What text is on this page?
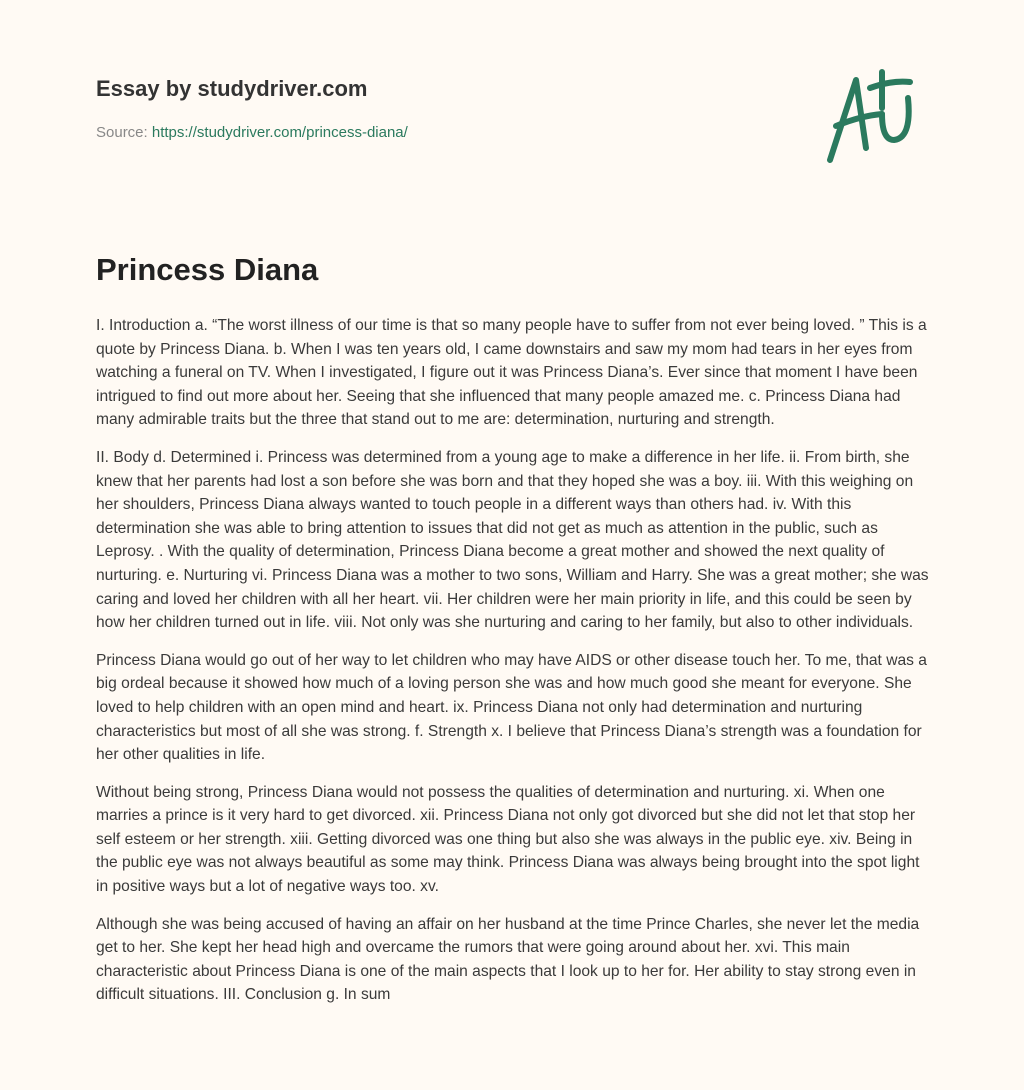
Essay by studydriver.com
Source: https://studydriver.com/princess-diana/
Princess Diana

I. Introduction a. “The worst illness of our time is that so many people have to suffer from not ever being loved. ” This is a quote by Princess Diana. b. When I was ten years old, I came downstairs and saw my mom had tears in her eyes from watching a funeral on TV. When I investigated, I figure out it was Princess Diana’s. Ever since that moment I have been intrigued to find out more about her. Seeing that she influenced that many people amazed me. c. Princess Diana had many admirable traits but the three that stand out to me are: determination, nurturing and strength.

II. Body d. Determined i. Princess was determined from a young age to make a difference in her life. ii. From birth, she knew that her parents had lost a son before she was born and that they hoped she was a boy. iii. With this weighing on her shoulders, Princess Diana always wanted to touch people in a different ways than others had. iv. With this determination she was able to bring attention to issues that did not get as much as attention in the public, such as Leprosy. . With the quality of determination, Princess Diana become a great mother and showed the next quality of nurturing. e. Nurturing vi. Princess Diana was a mother to two sons, William and Harry. She was a great mother; she was caring and loved her children with all her heart. vii. Her children were her main priority in life, and this could be seen by how her children turned out in life. viii. Not only was she nurturing and caring to her family, but also to other individuals.

Princess Diana would go out of her way to let children who may have AIDS or other disease touch her. To me, that was a big ordeal because it showed how much of a loving person she was and how much good she meant for everyone. She loved to help children with an open mind and heart. ix. Princess Diana not only had determination and nurturing characteristics but most of all she was strong. f. Strength x. I believe that Princess Diana’s strength was a foundation for her other qualities in life.

Without being strong, Princess Diana would not possess the qualities of determination and nurturing. xi. When one marries a prince is it very hard to get divorced. xii. Princess Diana not only got divorced but she did not let that stop her self esteem or her strength. xiii. Getting divorced was one thing but also she was always in the public eye. xiv. Being in the public eye was not always beautiful as some may think. Princess Diana was always being brought into the spot light in positive ways but a lot of negative ways too. xv.

Although she was being accused of having an affair on her husband at the time Prince Charles, she never let the media get to her. She kept her head high and overcame the rumors that were going around about her. xvi. This main characteristic about Princess Diana is one of the main aspects that I look up to her for. Her ability to stay strong even in difficult situations. III. Conclusion g. In sum
